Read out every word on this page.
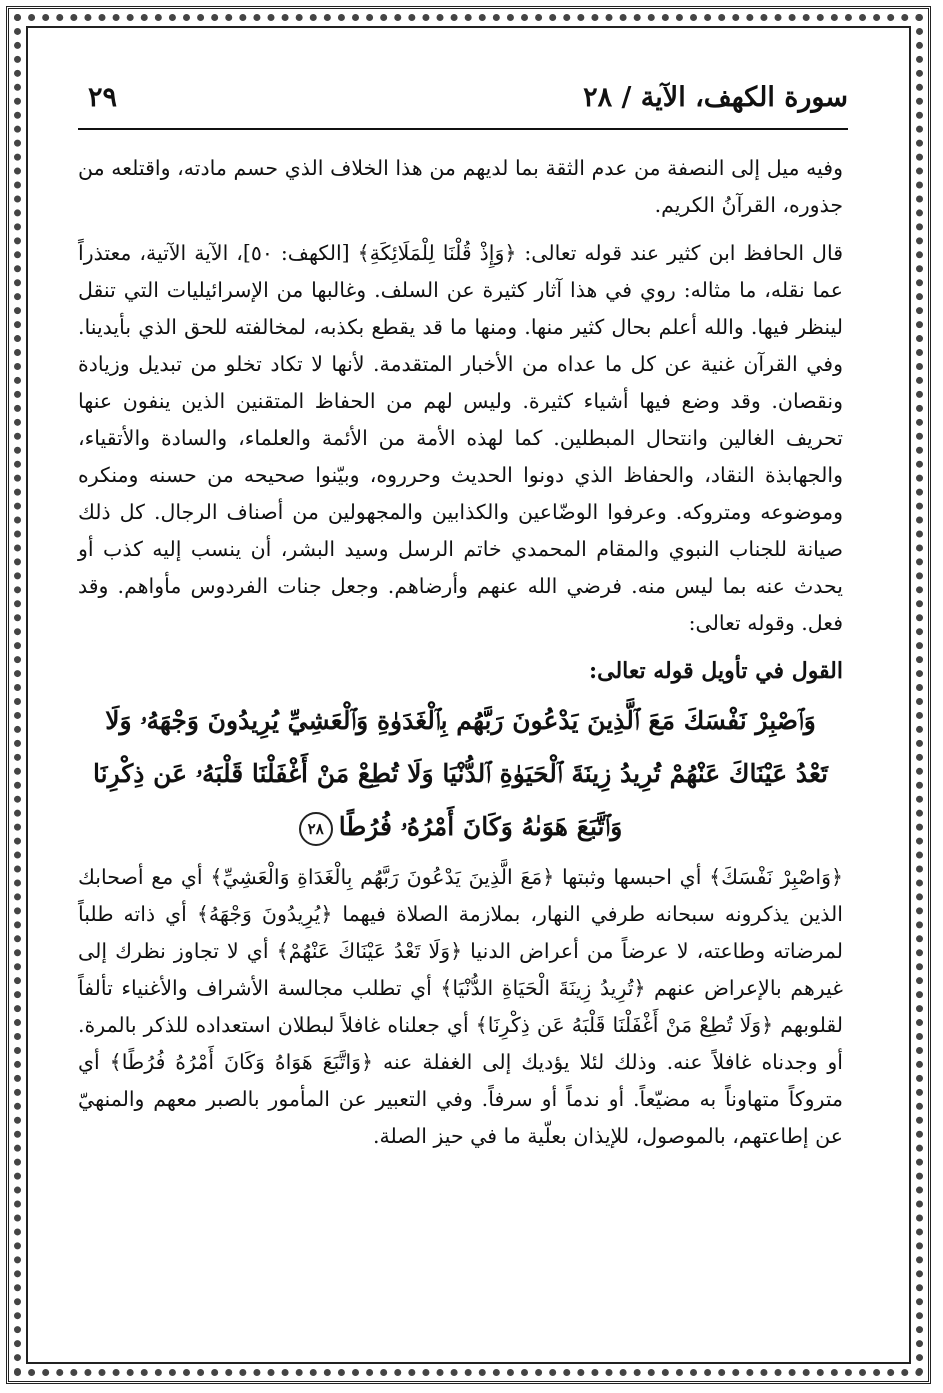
سورة الكهف، الآية / ٢٨
٢٩

وفيه ميل إلى النصفة من عدم الثقة بما لديهم من هذا الخلاف الذي حسم مادته، واقتلعه من جذوره، القرآنُ الكريم.

قال الحافظ ابن كثير عند قوله تعالى: ﴿وَإِذْ قُلْنَا لِلْمَلَائِكَةِ﴾ [الكهف: ٥٠]، الآية الآتية، معتذراً عما نقله، ما مثاله: روي في هذا آثار كثيرة عن السلف. وغالبها من الإسرائيليات التي تنقل لينظر فيها. والله أعلم بحال كثير منها. ومنها ما قد يقطع بكذبه، لمخالفته للحق الذي بأيدينا. وفي القرآن غنية عن كل ما عداه من الأخبار المتقدمة. لأنها لا تكاد تخلو من تبديل وزيادة ونقصان. وقد وضع فيها أشياء كثيرة. وليس لهم من الحفاظ المتقنين الذين ينفون عنها تحريف الغالين وانتحال المبطلين. كما لهذه الأمة من الأئمة والعلماء، والسادة والأتقياء، والجهابذة النقاد، والحفاظ الذي دونوا الحديث وحرروه، وبيّنوا صحيحه من حسنه ومنكره وموضوعه ومتروكه. وعرفوا الوضّاعين والكذابين والمجهولين من أصناف الرجال. كل ذلك صيانة للجناب النبوي والمقام المحمدي خاتم الرسل وسيد البشر، أن ينسب إليه كذب أو يحدث عنه بما ليس منه. فرضي الله عنهم وأرضاهم. وجعل جنات الفردوس مأواهم. وقد فعل. وقوله تعالى:

القول في تأويل قوله تعالى:
وَٱصْبِرْ نَفْسَكَ مَعَ ٱلَّذِينَ يَدْعُونَ رَبَّهُم بِٱلْغَدَوٰةِ وَٱلْعَشِيِّ يُرِيدُونَ وَجْهَهُۥ وَلَا
تَعْدُ عَيْنَاكَ عَنْهُمْ تُرِيدُ زِينَةَ ٱلْحَيَوٰةِ ٱلدُّنْيَا وَلَا تُطِعْ مَنْ أَغْفَلْنَا قَلْبَهُۥ عَن ذِكْرِنَا
وَٱتَّبَعَ هَوَىٰهُ وَكَانَ أَمْرُهُۥ فُرُطًا٢٨

﴿وَاصْبِرْ نَفْسَكَ﴾ أي احبسها وثبتها ﴿مَعَ الَّذِينَ يَدْعُونَ رَبَّهُم بِالْغَدَاةِ وَالْعَشِيِّ﴾ أي مع أصحابك الذين يذكرونه سبحانه طرفي النهار، بملازمة الصلاة فيهما ﴿يُرِيدُونَ وَجْهَهُ﴾ أي ذاته طلباً لمرضاته وطاعته، لا عرضاً من أعراض الدنيا ﴿وَلَا تَعْدُ عَيْنَاكَ عَنْهُمْ﴾ أي لا تجاوز نظرك إلى غيرهم بالإعراض عنهم ﴿تُرِيدُ زِينَةَ الْحَيَاةِ الدُّنْيَا﴾ أي تطلب مجالسة الأشراف والأغنياء تألفاً لقلوبهم ﴿وَلَا تُطِعْ مَنْ أَغْفَلْنَا قَلْبَهُ عَن ذِكْرِنَا﴾ أي جعلناه غافلاً لبطلان استعداده للذكر بالمرة. أو وجدناه غافلاً عنه. وذلك لئلا يؤديك إلى الغفلة عنه ﴿وَاتَّبَعَ هَوَاهُ وَكَانَ أَمْرُهُ فُرُطًا﴾ أي متروكاً متهاوناً به مضيّعاً. أو ندماً أو سرفاً. وفي التعبير عن المأمور بالصبر معهم والمنهيّ عن إطاعتهم، بالموصول، للإيذان بعلّية ما في حيز الصلة.
